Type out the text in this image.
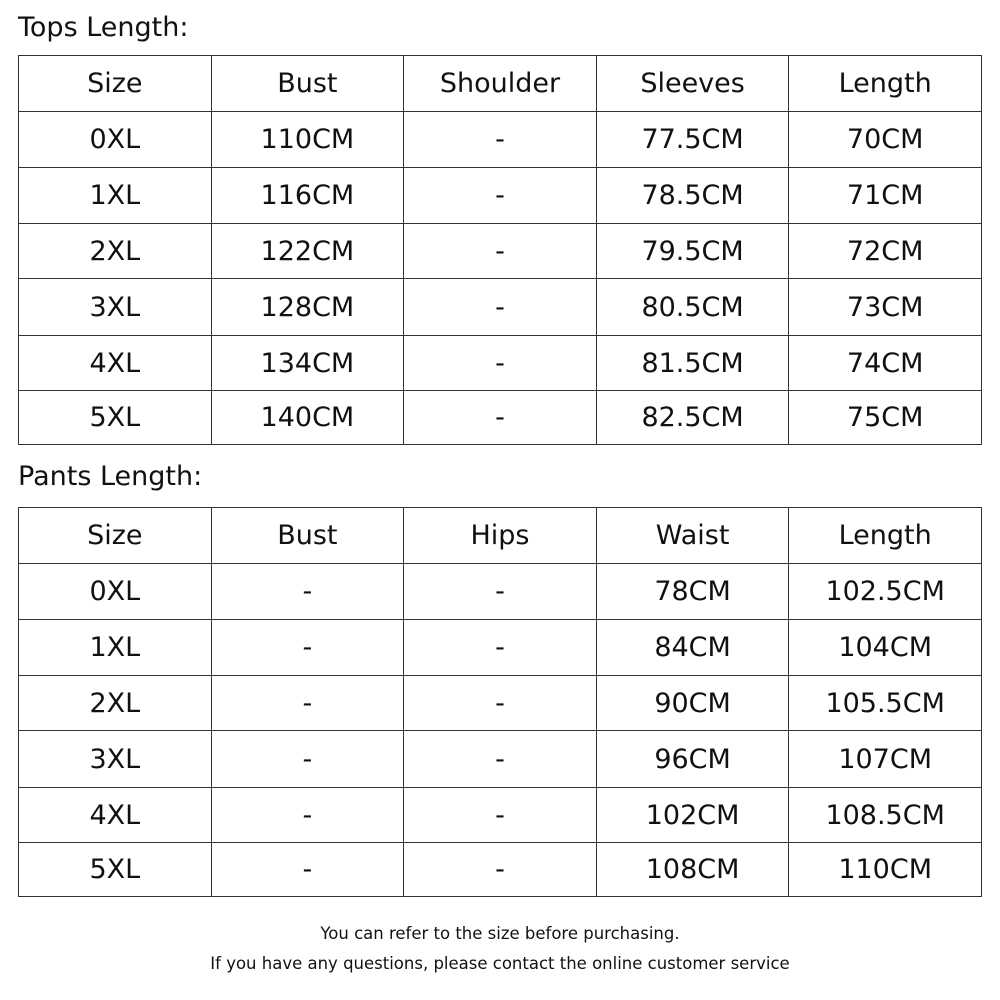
Tops Length:
Size	Bust	Shoulder	Sleeves	Length
0XL	110CM	-	77.5CM	70CM
1XL	116CM	-	78.5CM	71CM
2XL	122CM	-	79.5CM	72CM
3XL	128CM	-	80.5CM	73CM
4XL	134CM	-	81.5CM	74CM
5XL	140CM	-	82.5CM	75CM
Pants Length:
Size	Bust	Hips	Waist	Length
0XL	-	-	78CM	102.5CM
1XL	-	-	84CM	104CM
2XL	-	-	90CM	105.5CM
3XL	-	-	96CM	107CM
4XL	-	-	102CM	108.5CM
5XL	-	-	108CM	110CM

You can refer to the size before purchasing.

If you have any questions, please contact the online customer service
